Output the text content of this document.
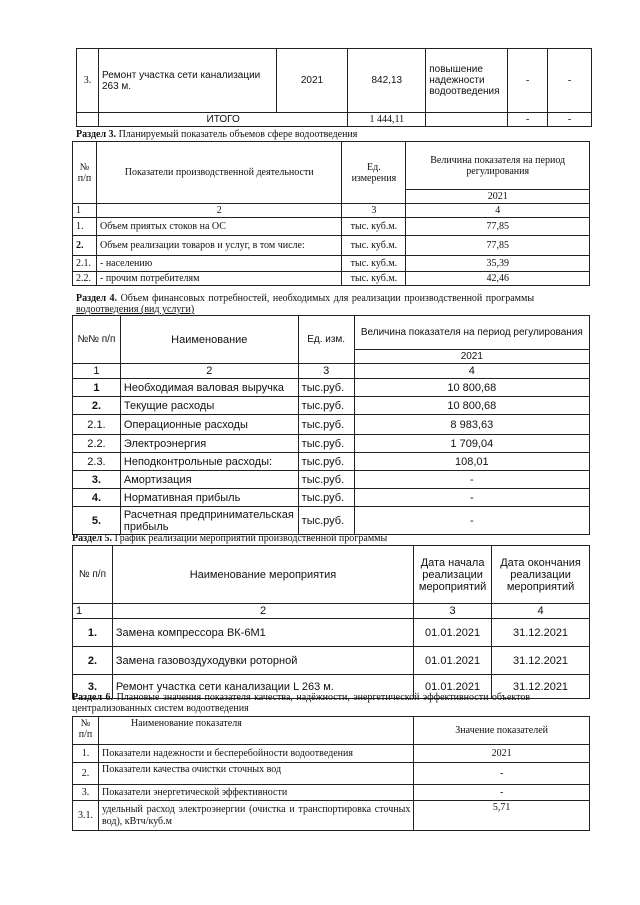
3.	Ремонт участка сети канализации 263 м.	2021	842,13	повышение надежности водоотведения	-	-
	ИТОГО		1 444,11		-	-
Раздел 3. Планируемый показатель объемов сфере водоотведения
№ п/п	Показатели производственной деятельности	Ед. измерения	Величина показателя на период регулирования
			2021
1	2	3	4
1.	Объем приятых стоков на ОС	тыс. куб.м.	77,85
2.	Объем реализации товаров и услуг, в том числе:	тыс. куб.м.	77,85
2.1.	- населению	тыс. куб.м.	35,39
2.2.	- прочим потребителям	тыс. куб.м.	42,46
Раздел 4. Объем финансовых потребностей, необходимых для реализации производственной программы
водоотведения (вид услуги)
№№ п/п	Наименование	Ед. изм.	Величина показателя на период регулирования
			2021
1	2	3	4
1	Необходимая валовая выручка	тыс.руб.	10 800,68
2.	Текущие расходы	тыс.руб.	10 800,68
2.1.	Операционные расходы	тыс.руб.	8 983,63
2.2.	Электроэнергия	тыс.руб.	1 709,04
2.3.	Неподконтрольные расходы:	тыс.руб.	108,01
3.	Амортизация	тыс.руб.	-
4.	Нормативная прибыль	тыс.руб.	-
5.	Расчетная предпринимательская прибыль	тыс.руб.	-
Раздел 5. График реализации мероприятий производственной программы
№ п/п	Наименование мероприятия	Дата начала реализации мероприятий	Дата окончания реализации мероприятий
1	2	3	4
1.	Замена компрессора ВК-6М1	01.01.2021	31.12.2021
2.	Замена газовоздуходувки роторной	01.01.2021	31.12.2021
3.	Ремонт участка сети канализации L 263 м.	01.01.2021	31.12.2021
Раздел 6. Плановые значения показателя качества, надёжности, энергетической эффективности объектов
централизованных систем водоотведения
№ п/п	Наименование показателя	Значение показателей
1.	Показатели надежности и бесперебойности водоотведения	2021
2.	Показатели качества очистки сточных вод	-
3.	Показатели энергетической эффективности	-
3.1.	удельный расход электроэнергии (очистка и транспортировка сточных вод), кВтч/куб.м	5,71
